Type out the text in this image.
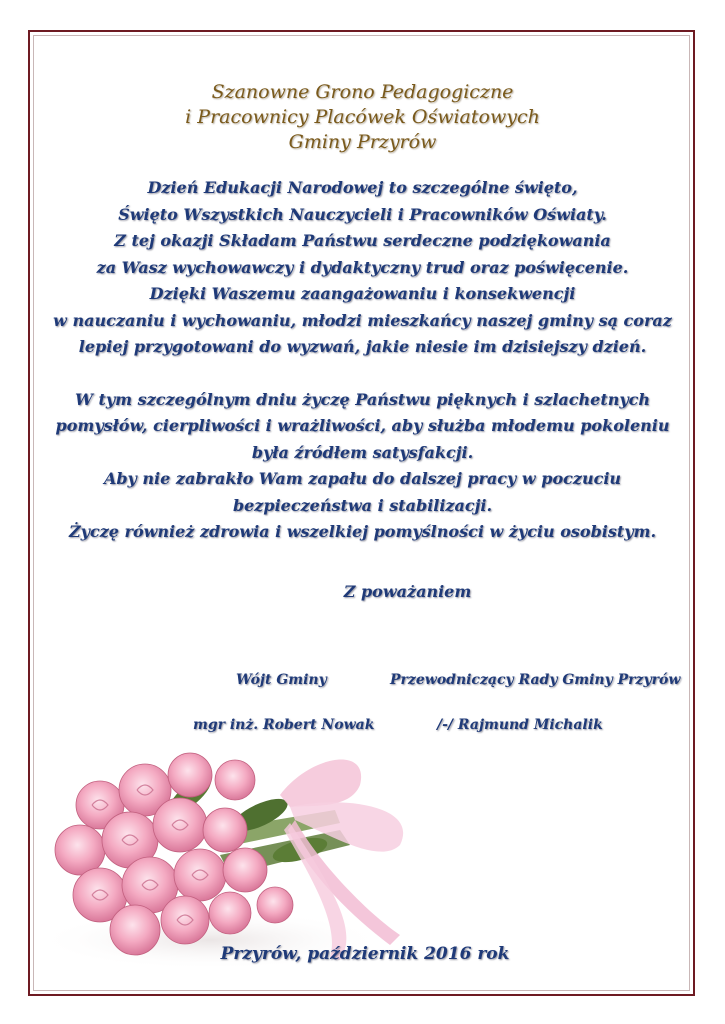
Szanowne Grono Pedagogiczne
i Pracownicy Placówek Oświatowych
Gminy Przyrów
Dzień Edukacji Narodowej to szczególne święto,
Święto Wszystkich Nauczycieli i Pracowników Oświaty.
Z tej okazji Składam Państwu serdeczne podziękowania
za Wasz wychowawczy i dydaktyczny trud oraz poświęcenie.
Dzięki Waszemu zaangażowaniu i konsekwencji
w nauczaniu i wychowaniu, młodzi mieszkańcy naszej gminy są coraz
lepiej przygotowani do wyzwań, jakie niesie im dzisiejszy dzień.
W tym szczególnym dniu życzę Państwu pięknych i szlachetnych
pomysłów, cierpliwości i wrażliwości, aby służba młodemu pokoleniu
była źródłem satysfakcji.
Aby nie zabrakło Wam zapału do dalszej pracy w poczuciu
bezpieczeństwa i stabilizacji.
Życzę również zdrowia i wszelkiej pomyślności w życiu osobistym.
Z poważaniem
Wójt Gminy	Przewodniczący Rady Gminy Przyrów
mgr inż. Robert Nowak	/-/ Rajmund Michalik
Przyrów, październik 2016 rok
